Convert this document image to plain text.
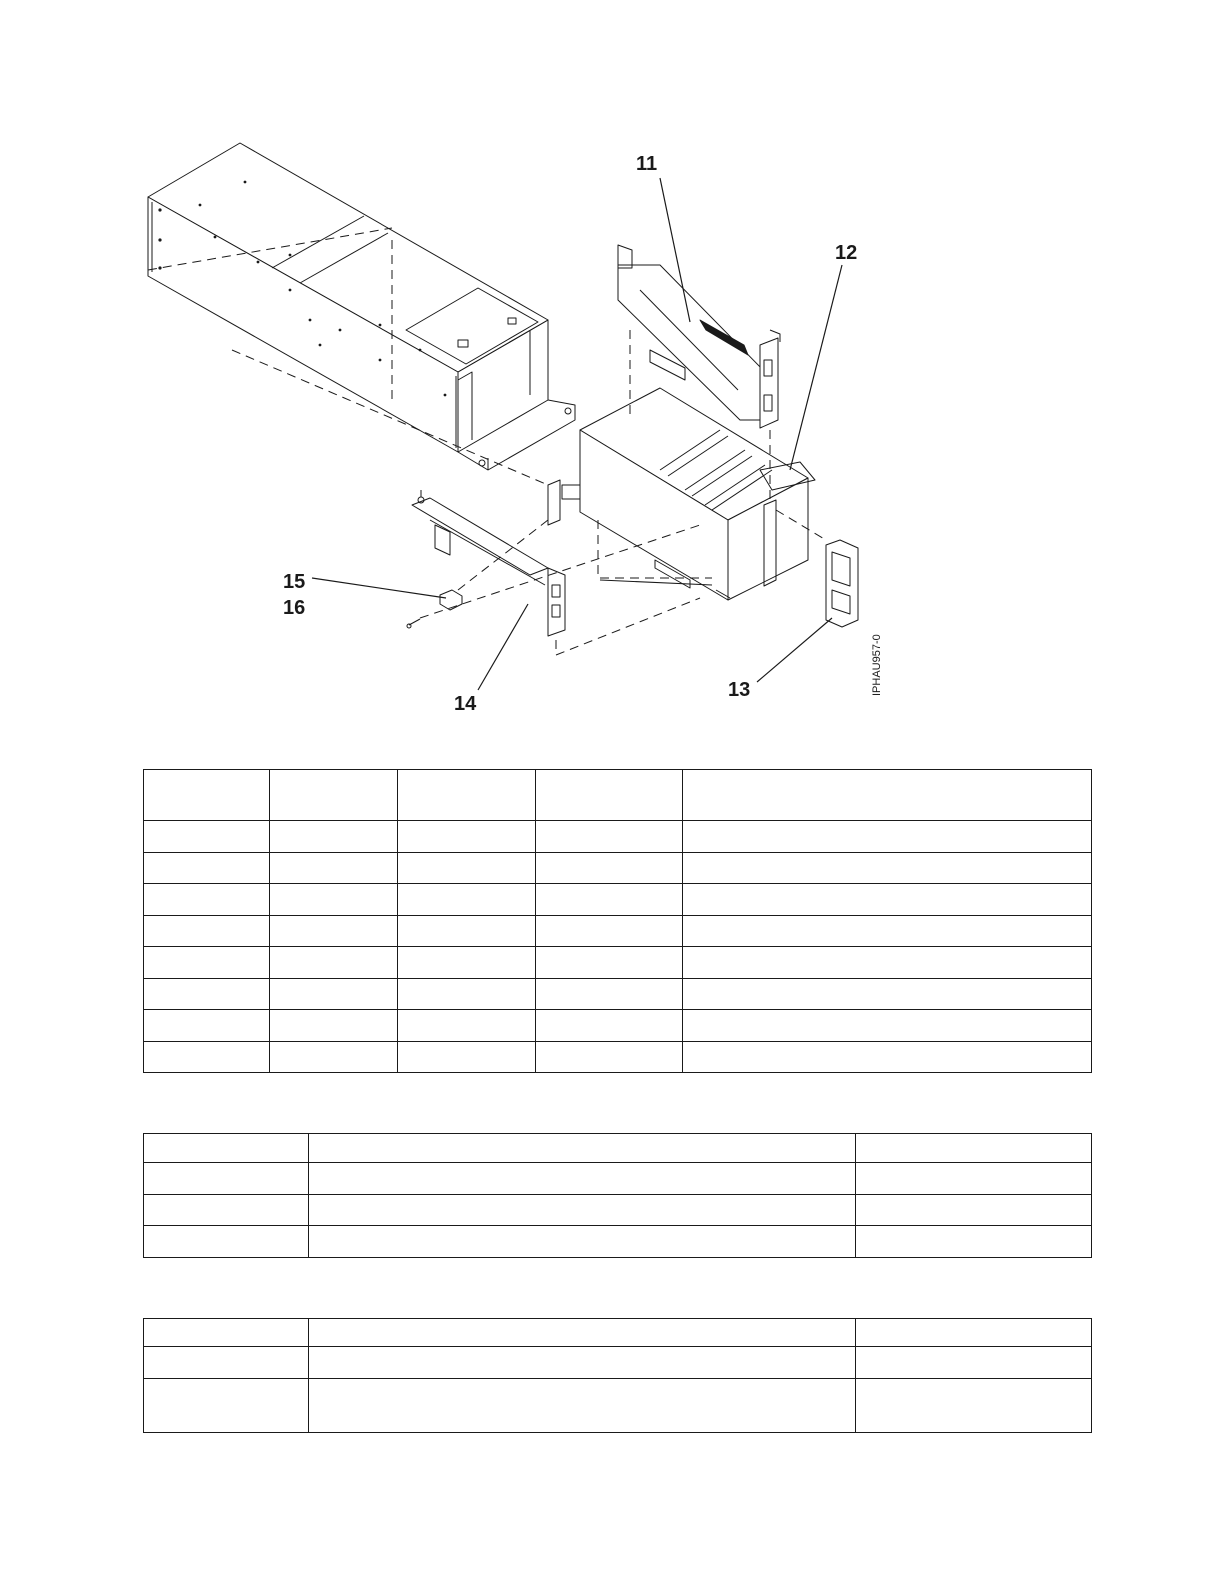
11
12
13
14
15
16
IPHAU957-0
